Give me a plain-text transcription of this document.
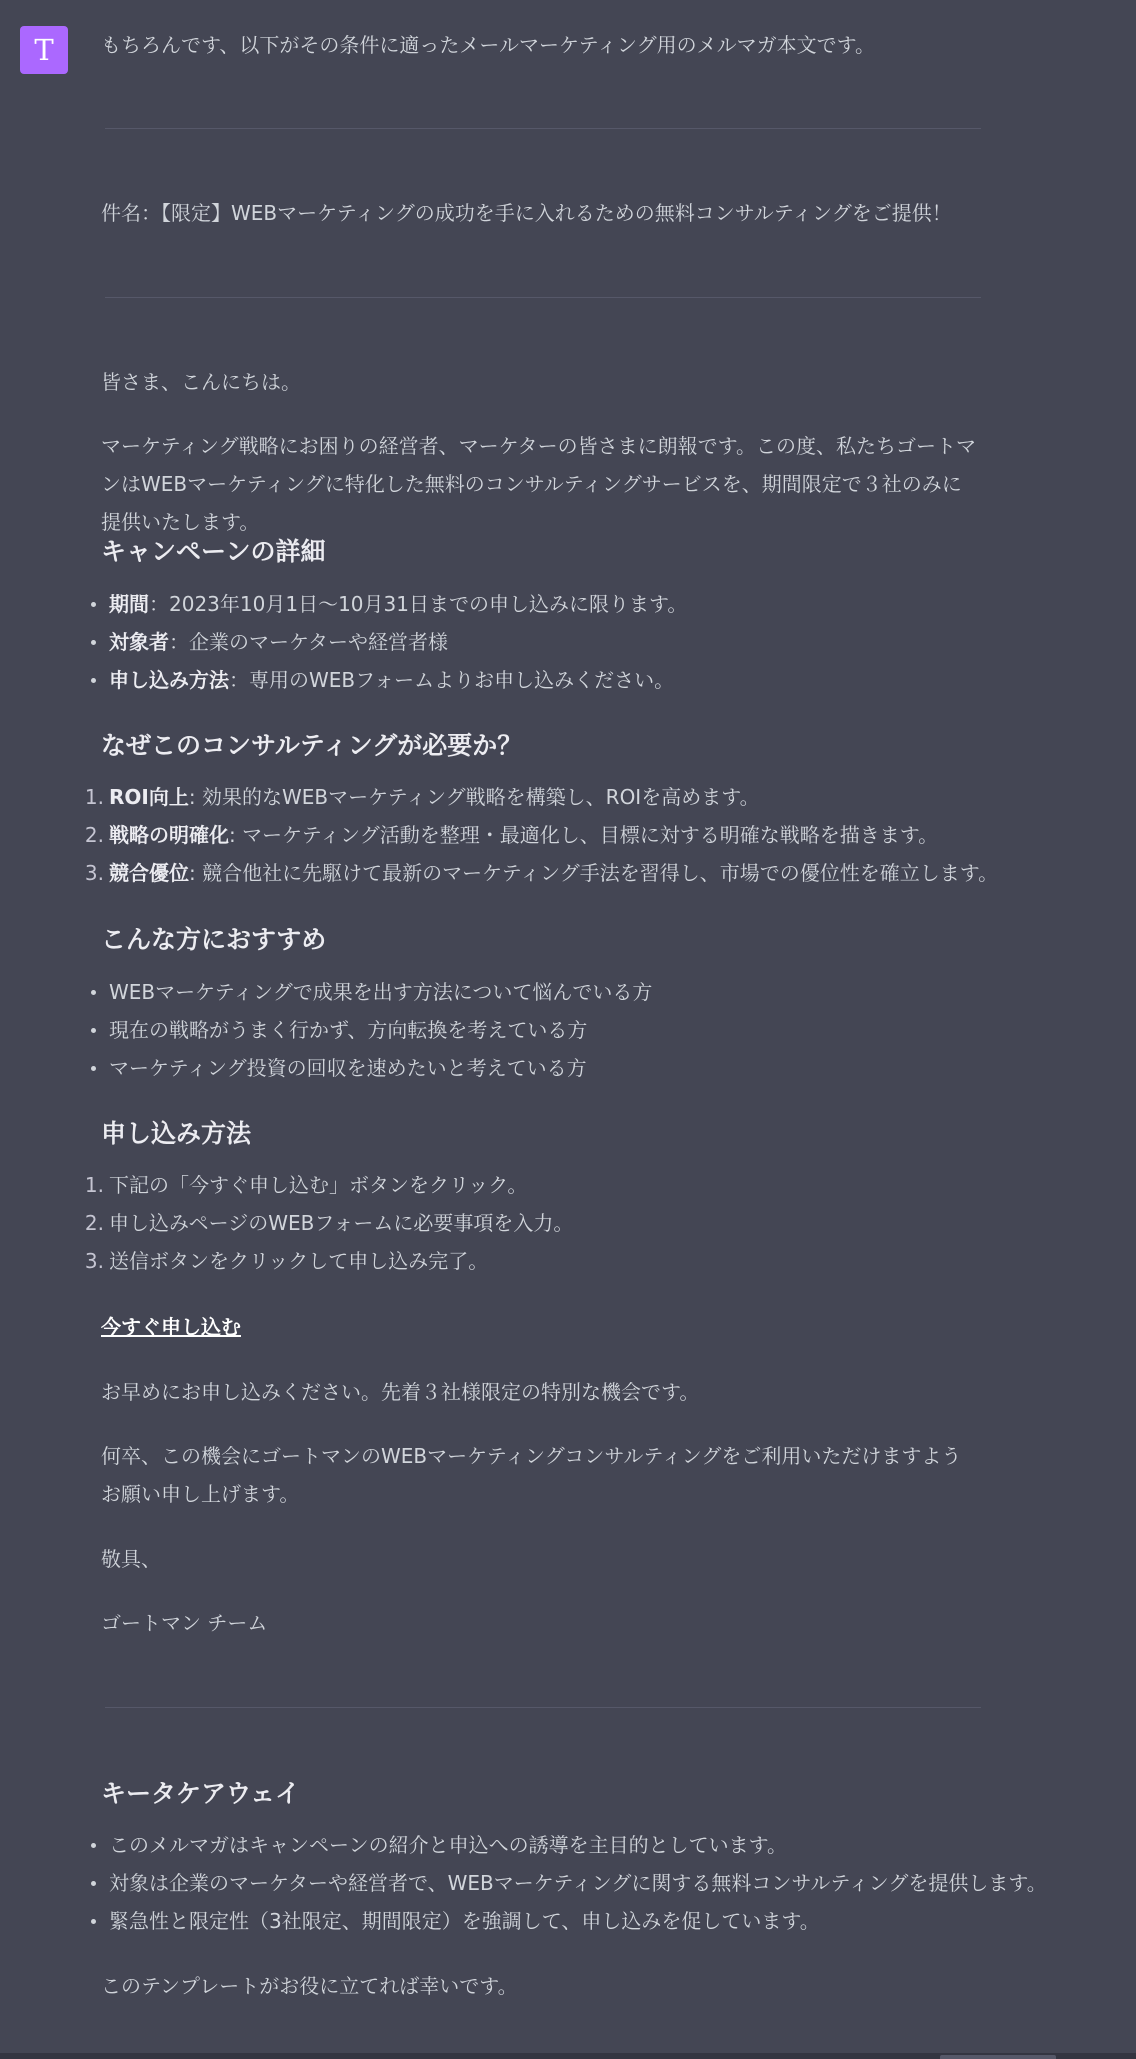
T	もちろんです、以下がその条件に適ったメールマーケティング用のメルマガ本文です。

件名：【限定】WEBマーケティングの成功を手に入れるための無料コンサルティングをご提供！

皆さま、こんにちは。

マーケティング戦略にお困りの経営者、マーケターの皆さまに朗報です。この度、私たちゴートマンはWEBマーケティングに特化した無料のコンサルティングサービスを、期間限定で３社のみに提供いたします。

キャンペーンの詳細
期間：2023年10月1日～10月31日までの申し込みに限ります。
対象者：企業のマーケターや経営者様
申し込み方法：専用のWEBフォームよりお申し込みください。
なぜこのコンサルティングが必要か？
1. ROI向上: 効果的なWEBマーケティング戦略を構築し、ROIを高めます。
2. 戦略の明確化: マーケティング活動を整理・最適化し、目標に対する明確な戦略を描きます。
3. 競合優位: 競合他社に先駆けて最新のマーケティング手法を習得し、市場での優位性を確立します。
こんな方におすすめ
WEBマーケティングで成果を出す方法について悩んでいる方
現在の戦略がうまく行かず、方向転換を考えている方
マーケティング投資の回収を速めたいと考えている方
申し込み方法
1. 下記の「今すぐ申し込む」ボタンをクリック。
2. 申し込みページのWEBフォームに必要事項を入力。
3. 送信ボタンをクリックして申し込み完了。

今すぐ申し込む

お早めにお申し込みください。先着３社様限定の特別な機会です。

何卒、この機会にゴートマンのWEBマーケティングコンサルティングをご利用いただけますようお願い申し上げます。

敬具、

ゴートマン チーム

キータケアウェイ
このメルマガはキャンペーンの紹介と申込への誘導を主目的としています。
対象は企業のマーケターや経営者で、WEBマーケティングに関する無料コンサルティングを提供します。
緊急性と限定性（3社限定、期間限定）を強調して、申し込みを促しています。

このテンプレートがお役に立てれば幸いです。
